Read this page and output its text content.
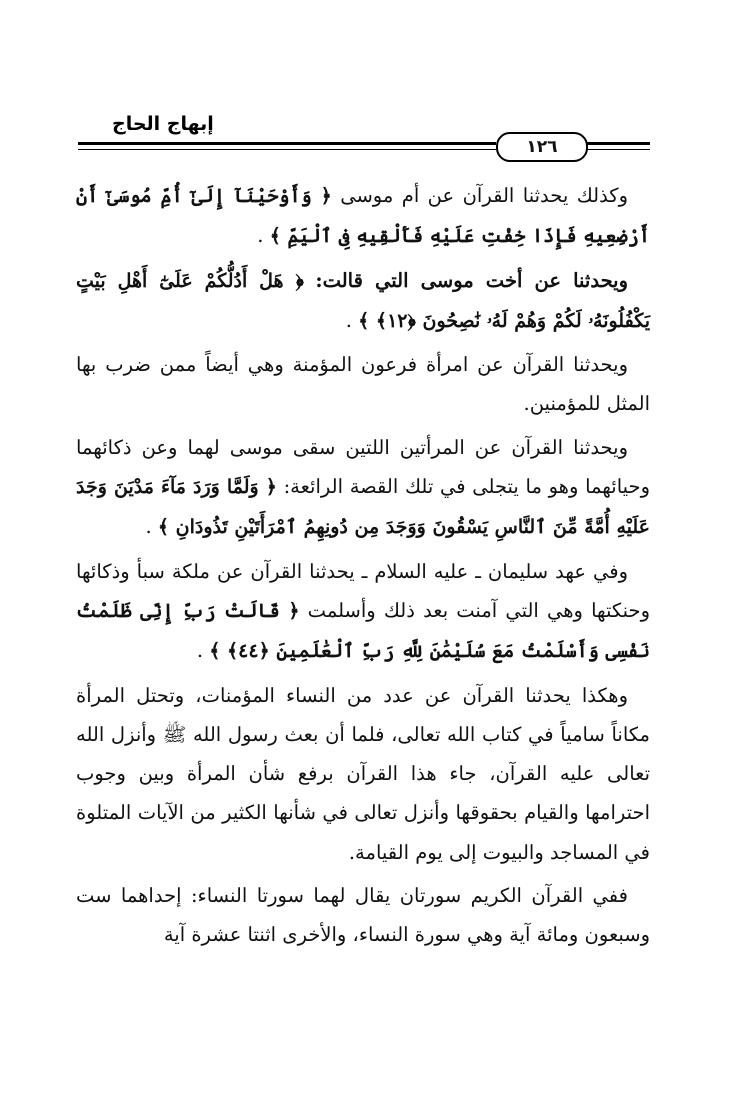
إبهاج الحاج
١٢٦

وكذلك يحدثنا القرآن عن أم موسى ﴿ وَأَوْحَيْنَآ إِلَىٰٓ أُمِّ مُوسَىٰٓ أَنْ أَرْضِعِيهِ فَإِذَا خِفْتِ عَلَيْهِ فَأَلْقِيهِ فِى ٱلْيَمِّ ﴾ .

ويحدثنا عن أخت موسى التي قالت: ﴿ هَلْ أَدُلُّكُمْ عَلَىٰٓ أَهْلِ بَيْتٍ يَكْفُلُونَهُۥ لَكُمْ وَهُمْ لَهُۥ نَٰصِحُونَ ﴿١٢﴾ ﴾ .

ويحدثنا القرآن عن امرأة فرعون المؤمنة وهي أيضاً ممن ضرب بها المثل للمؤمنين.

ويحدثنا القرآن عن المرأتين اللتين سقى موسى لهما وعن ذكائهما وحيائهما وهو ما يتجلى في تلك القصة الرائعة: ﴿ وَلَمَّا وَرَدَ مَآءَ مَدْيَنَ وَجَدَ عَلَيْهِ أُمَّةً مِّنَ ٱلنَّاسِ يَسْقُونَ وَوَجَدَ مِن دُونِهِمُ ٱمْرَأَتَيْنِ تَذُودَانِ ﴾ .

وفي عهد سليمان ـ عليه السلام ـ يحدثنا القرآن عن ملكة سبأ وذكائها وحنكتها وهي التي آمنت بعد ذلك وأسلمت ﴿ قَالَتْ رَبِّ إِنِّى ظَلَمْتُ نَفْسِى وَأَسْلَمْتُ مَعَ سُلَيْمَٰنَ لِلَّهِ رَبِّ ٱلْعَٰلَمِينَ ﴿٤٤﴾ ﴾ .

وهكذا يحدثنا القرآن عن عدد من النساء المؤمنات، وتحتل المرأة مكاناً سامياً في كتاب الله تعالى، فلما أن بعث رسول الله ﷺ وأنزل الله تعالى عليه القرآن، جاء هذا القرآن برفع شأن المرأة وبين وجوب احترامها والقيام بحقوقها وأنزل تعالى في شأنها الكثير من الآيات المتلوة في المساجد والبيوت إلى يوم القيامة.

ففي القرآن الكريم سورتان يقال لهما سورتا النساء: إحداهما ست وسبعون ومائة آية وهي سورة النساء، والأخرى اثنتا عشرة آية
